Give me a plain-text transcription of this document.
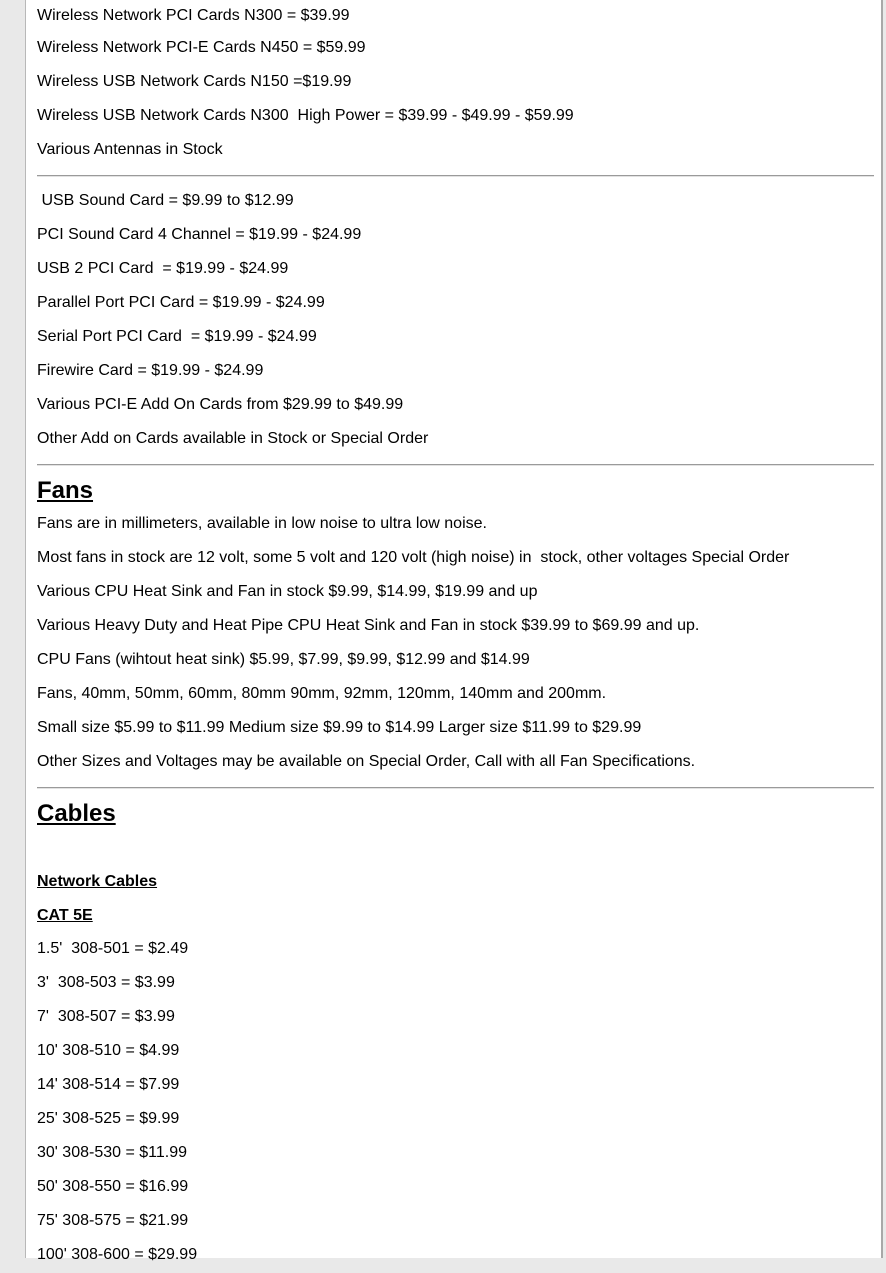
Wireless Network PCI Cards N300 = $39.99
Wireless Network PCI-E Cards N450 = $59.99
Wireless USB Network Cards N150 =$19.99
Wireless USB Network Cards N300  High Power = $39.99 - $49.99 - $59.99
Various Antennas in Stock
USB Sound Card = $9.99 to $12.99
PCI Sound Card 4 Channel = $19.99 - $24.99
USB 2 PCI Card  = $19.99 - $24.99
Parallel Port PCI Card = $19.99 - $24.99
Serial Port PCI Card  = $19.99 - $24.99
Firewire Card = $19.99 - $24.99
Various PCI-E Add On Cards from $29.99 to $49.99
Other Add on Cards available in Stock or Special Order
Fans
Fans are in millimeters, available in low noise to ultra low noise.
Most fans in stock are 12 volt, some 5 volt and 120 volt (high noise) in  stock, other voltages Special Order
Various CPU Heat Sink and Fan in stock $9.99, $14.99, $19.99 and up
Various Heavy Duty and Heat Pipe CPU Heat Sink and Fan in stock $39.99 to $69.99 and up.
CPU Fans (wihtout heat sink) $5.99, $7.99, $9.99, $12.99 and $14.99
Fans, 40mm, 50mm, 60mm, 80mm 90mm, 92mm, 120mm, 140mm and 200mm.
Small size $5.99 to $11.99 Medium size $9.99 to $14.99 Larger size $11.99 to $29.99
Other Sizes and Voltages may be available on Special Order, Call with all Fan Specifications.
Cables
Network Cables
CAT 5E
1.5'  308-501 = $2.49
3'  308-503 = $3.99
7'  308-507 = $3.99
10' 308-510 = $4.99
14' 308-514 = $7.99
25' 308-525 = $9.99
30' 308-530 = $11.99
50' 308-550 = $16.99
75' 308-575 = $21.99
100' 308-600 = $29.99
